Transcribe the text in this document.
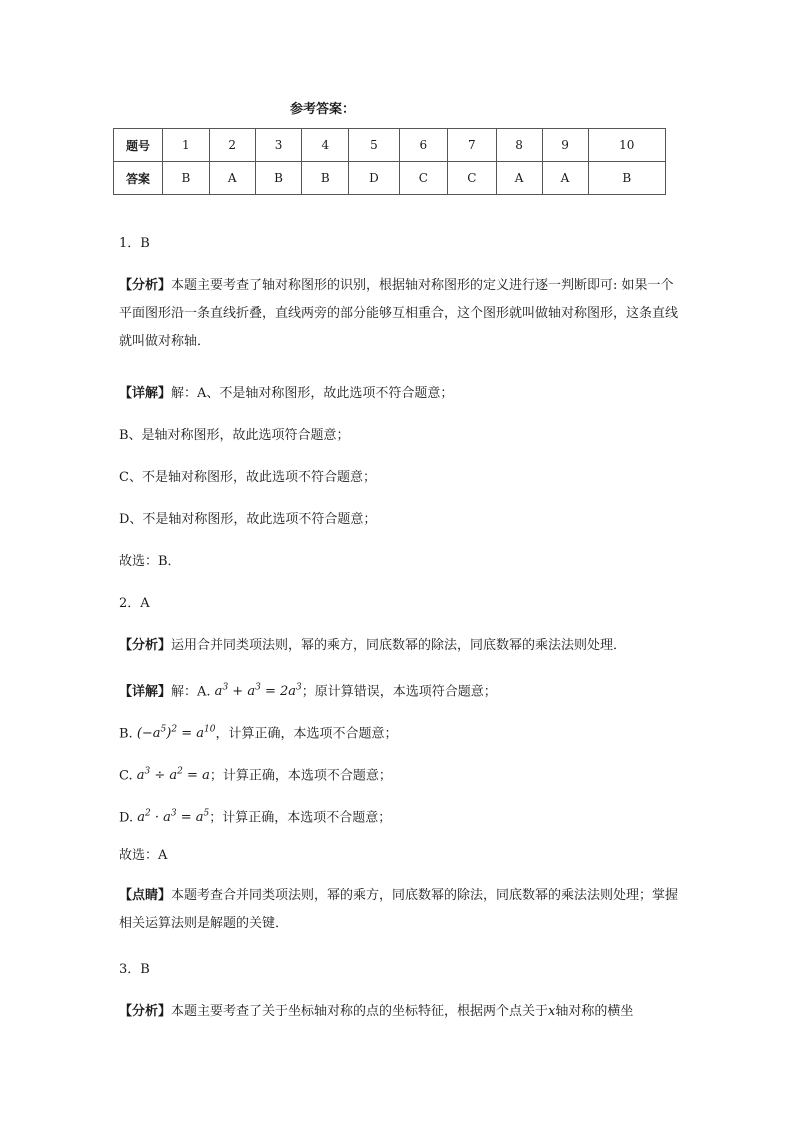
参考答案：
题号	1	2	3	4	5	6	7	8	9	10
答案	B	A	B	B	D	C	C	A	A	B
1．B
【分析】本题主要考查了轴对称图形的识别，根据轴对称图形的定义进行逐一判断即可: 如果一个平面图形沿一条直线折叠，直线两旁的部分能够互相重合，这个图形就叫做轴对称图形，这条直线就叫做对称轴．
【详解】解：A、不是轴对称图形，故此选项不符合题意；
B、是轴对称图形，故此选项符合题意；
C、不是轴对称图形，故此选项不符合题意；
D、不是轴对称图形，故此选项不符合题意；
故选：B．
2．A
【分析】运用合并同类项法则，幂的乘方，同底数幂的除法，同底数幂的乘法法则处理．
【详解】解：A. $a^3 + a^3 = 2a^3$；原计算错误，本选项符合题意；
B. $(-a^5)^2 = a^{10}$，计算正确，本选项不合题意；
C. $a^3 \div a^2 = a$；计算正确，本选项不合题意；
D. $a^2 \cdot a^3 = a^5$；计算正确，本选项不合题意；
故选：A
【点睛】本题考查合并同类项法则，幂的乘方，同底数幂的除法，同底数幂的乘法法则处理；掌握相关运算法则是解题的关键．
3．B
【分析】本题主要考查了关于坐标轴对称的点的坐标特征，根据两个点关于x轴对称的横坐
